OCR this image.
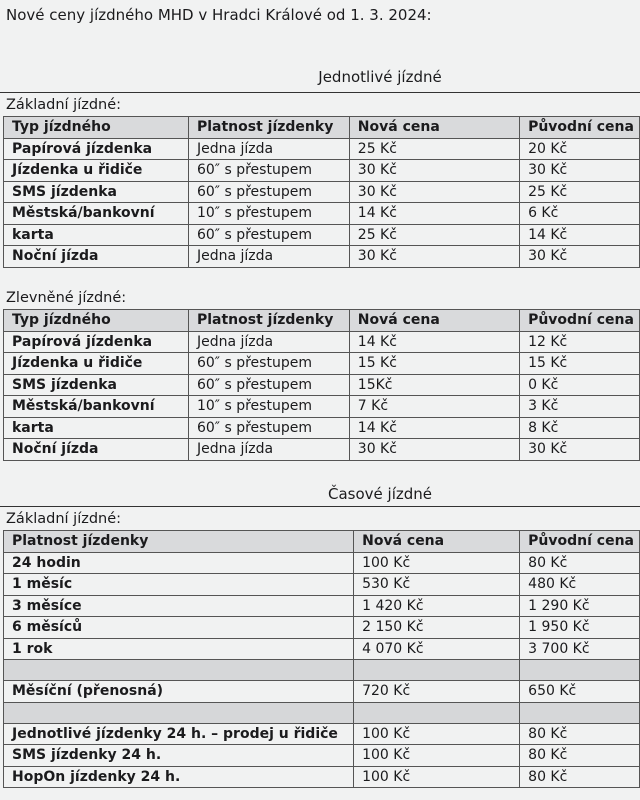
Nové ceny jízdného MHD v Hradci Králové od 1. 3. 2024:
Jednotlivé jízdné
Základní jízdné:
Typ jízdného	Platnost jízdenky	Nová cena	Původní cena
Papírová jízdenka	Jedna jízda	25 Kč	20 Kč
Jízdenka u řidiče	60″ s přestupem	30 Kč	30 Kč
SMS jízdenka	60″ s přestupem	30 Kč	25 Kč
Městská/bankovní	10″ s přestupem	14 Kč	6 Kč
karta	60″ s přestupem	25 Kč	14 Kč
Noční jízda	Jedna jízda	30 Kč	30 Kč
Zlevněné jízdné:
Typ jízdného	Platnost jízdenky	Nová cena	Původní cena
Papírová jízdenka	Jedna jízda	14 Kč	12 Kč
Jízdenka u řidiče	60″ s přestupem	15 Kč	15 Kč
SMS jízdenka	60″ s přestupem	15Kč	0 Kč
Městská/bankovní	10″ s přestupem	7 Kč	3 Kč
karta	60″ s přestupem	14 Kč	8 Kč
Noční jízda	Jedna jízda	30 Kč	30 Kč
Časové jízdné
Základní jízdné:
Platnost jízdenky	Nová cena	Původní cena
24 hodin	100 Kč	80 Kč
1 měsíc	530 Kč	480 Kč
3 měsíce	1 420 Kč	1 290 Kč
6 měsíců	2 150 Kč	1 950 Kč
1 rok	4 070 Kč	3 700 Kč

Měsíční (přenosná)	720 Kč	650 Kč

Jednotlivé jízdenky 24 h. – prodej u řidiče	100 Kč	80 Kč
SMS jízdenky 24 h.	100 Kč	80 Kč
HopOn jízdenky 24 h.	100 Kč	80 Kč
